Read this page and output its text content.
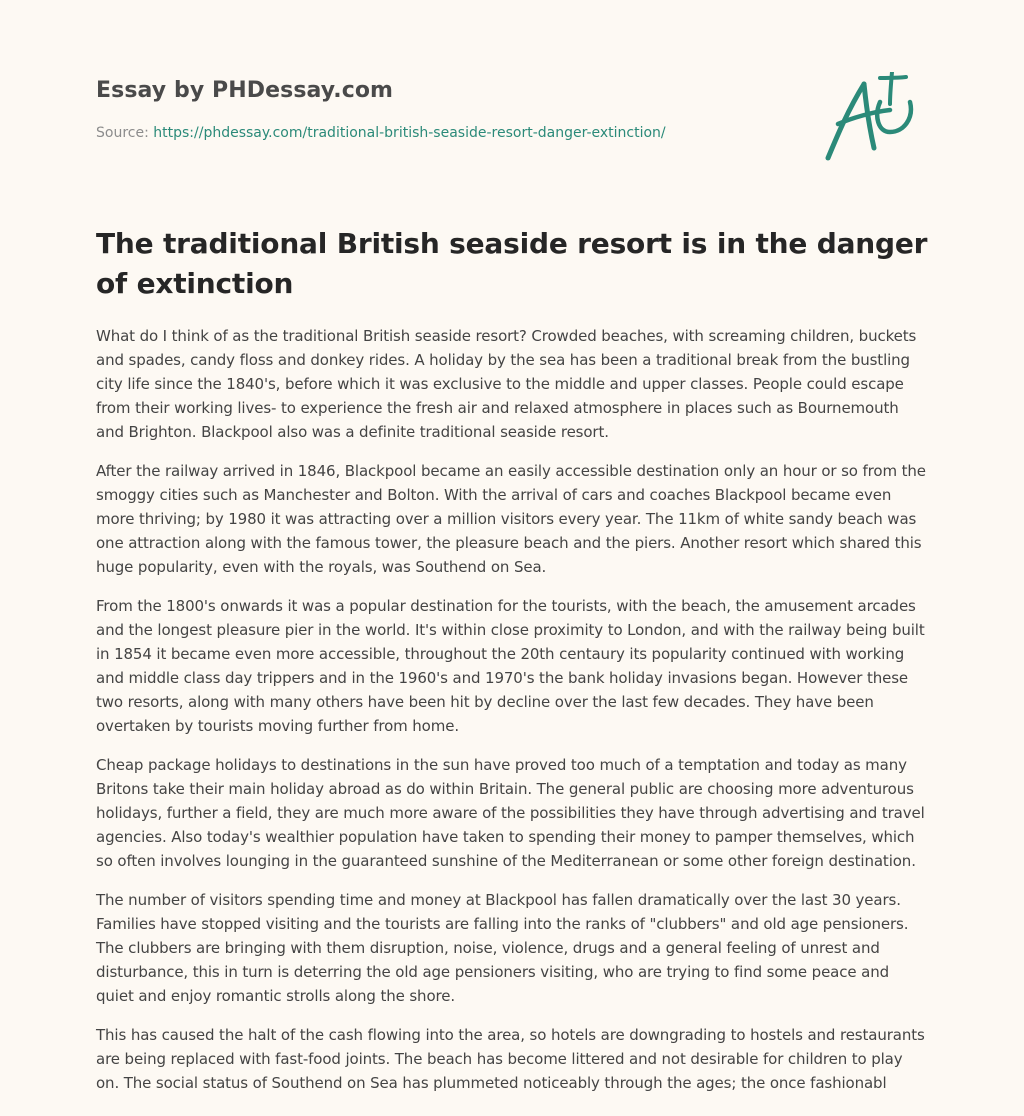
Essay by PHDessay.com
Source: https://phdessay.com/traditional-british-seaside-resort-danger-extinction/
The traditional British seaside resort is in the danger of extinction

What do I think of as the traditional British seaside resort? Crowded beaches, with screaming children, buckets and spades, candy floss and donkey rides. A holiday by the sea has been a traditional break from the bustling city life since the 1840's, before which it was exclusive to the middle and upper classes. People could escape from their working lives- to experience the fresh air and relaxed atmosphere in places such as Bournemouth and Brighton. Blackpool also was a definite traditional seaside resort.

After the railway arrived in 1846, Blackpool became an easily accessible destination only an hour or so from the smoggy cities such as Manchester and Bolton. With the arrival of cars and coaches Blackpool became even more thriving; by 1980 it was attracting over a million visitors every year. The 11km of white sandy beach was one attraction along with the famous tower, the pleasure beach and the piers. Another resort which shared this huge popularity, even with the royals, was Southend on Sea.

From the 1800's onwards it was a popular destination for the tourists, with the beach, the amusement arcades and the longest pleasure pier in the world. It's within close proximity to London, and with the railway being built in 1854 it became even more accessible, throughout the 20th centaury its popularity continued with working and middle class day trippers and in the 1960's and 1970's the bank holiday invasions began. However these two resorts, along with many others have been hit by decline over the last few decades. They have been overtaken by tourists moving further from home.

Cheap package holidays to destinations in the sun have proved too much of a temptation and today as many Britons take their main holiday abroad as do within Britain. The general public are choosing more adventurous holidays, further a field, they are much more aware of the possibilities they have through advertising and travel agencies. Also today's wealthier population have taken to spending their money to pamper themselves, which so often involves lounging in the guaranteed sunshine of the Mediterranean or some other foreign destination.

The number of visitors spending time and money at Blackpool has fallen dramatically over the last 30 years. Families have stopped visiting and the tourists are falling into the ranks of "clubbers" and old age pensioners. The clubbers are bringing with them disruption, noise, violence, drugs and a general feeling of unrest and disturbance, this in turn is deterring the old age pensioners visiting, who are trying to find some peace and quiet and enjoy romantic strolls along the shore.

This has caused the halt of the cash flowing into the area, so hotels are downgrading to hostels and restaurants are being replaced with fast-food joints. The beach has become littered and not desirable for children to play on. The social status of Southend on Sea has plummeted noticeably through the ages; the once fashionabl
